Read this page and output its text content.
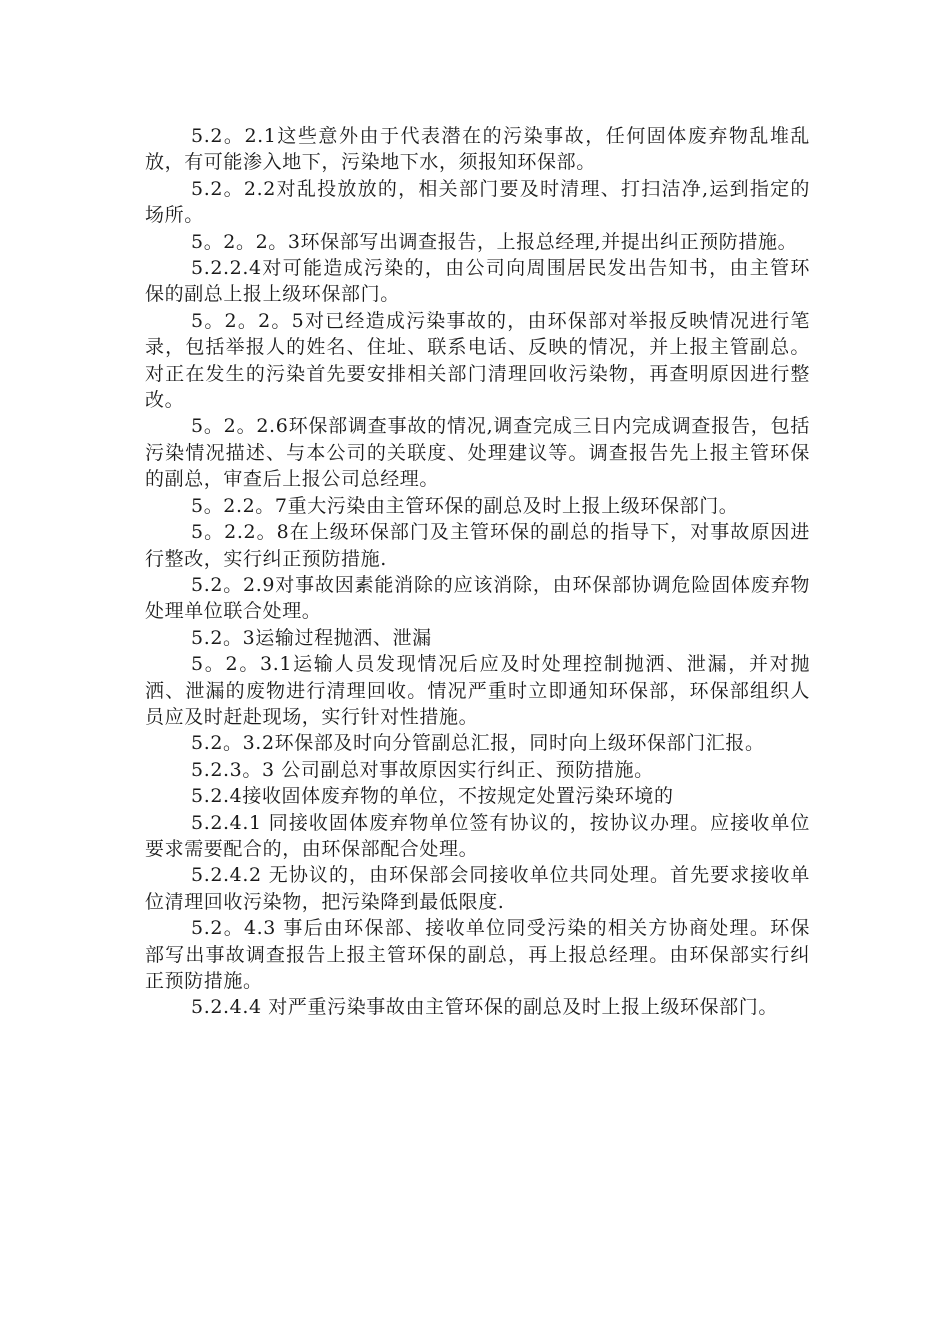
5.2。2.1这些意外由于代表潜在的污染事故，任何固体废弃物乱堆乱放，有可能渗入地下，污染地下水，须报知环保部。

5.2。2.2对乱投放放的，相关部门要及时清理、打扫洁净,运到指定的场所。

5。2。2。3环保部写出调查报告，上报总经理,并提出纠正预防措施。

5.2.2.4对可能造成污染的，由公司向周围居民发出告知书，由主管环保的副总上报上级环保部门。

5。2。2。5对已经造成污染事故的，由环保部对举报反映情况进行笔录，包括举报人的姓名、住址、联系电话、反映的情况，并上报主管副总。对正在发生的污染首先要安排相关部门清理回收污染物，再查明原因进行整改。

5。2。2.6环保部调查事故的情况,调查完成三日内完成调查报告，包括污染情况描述、与本公司的关联度、处理建议等。调查报告先上报主管环保的副总，审查后上报公司总经理。

5。2.2。7重大污染由主管环保的副总及时上报上级环保部门。

5。2.2。8在上级环保部门及主管环保的副总的指导下，对事故原因进行整改，实行纠正预防措施.

5.2。2.9对事故因素能消除的应该消除，由环保部协调危险固体废弃物处理单位联合处理。

5.2。3运输过程抛洒、泄漏

5。2。3.1运输人员发现情况后应及时处理控制抛洒、泄漏，并对抛洒、泄漏的废物进行清理回收。情况严重时立即通知环保部，环保部组织人员应及时赶赴现场，实行针对性措施。

5.2。3.2环保部及时向分管副总汇报，同时向上级环保部门汇报。

5.2.3。3 公司副总对事故原因实行纠正、预防措施。

5.2.4接收固体废弃物的单位，不按规定处置污染环境的

5.2.4.1 同接收固体废弃物单位签有协议的，按协议办理。应接收单位要求需要配合的，由环保部配合处理。

5.2.4.2 无协议的，由环保部会同接收单位共同处理。首先要求接收单位清理回收污染物，把污染降到最低限度.

5.2。4.3 事后由环保部、接收单位同受污染的相关方协商处理。环保部写出事故调查报告上报主管环保的副总，再上报总经理。由环保部实行纠正预防措施。

5.2.4.4 对严重污染事故由主管环保的副总及时上报上级环保部门。
